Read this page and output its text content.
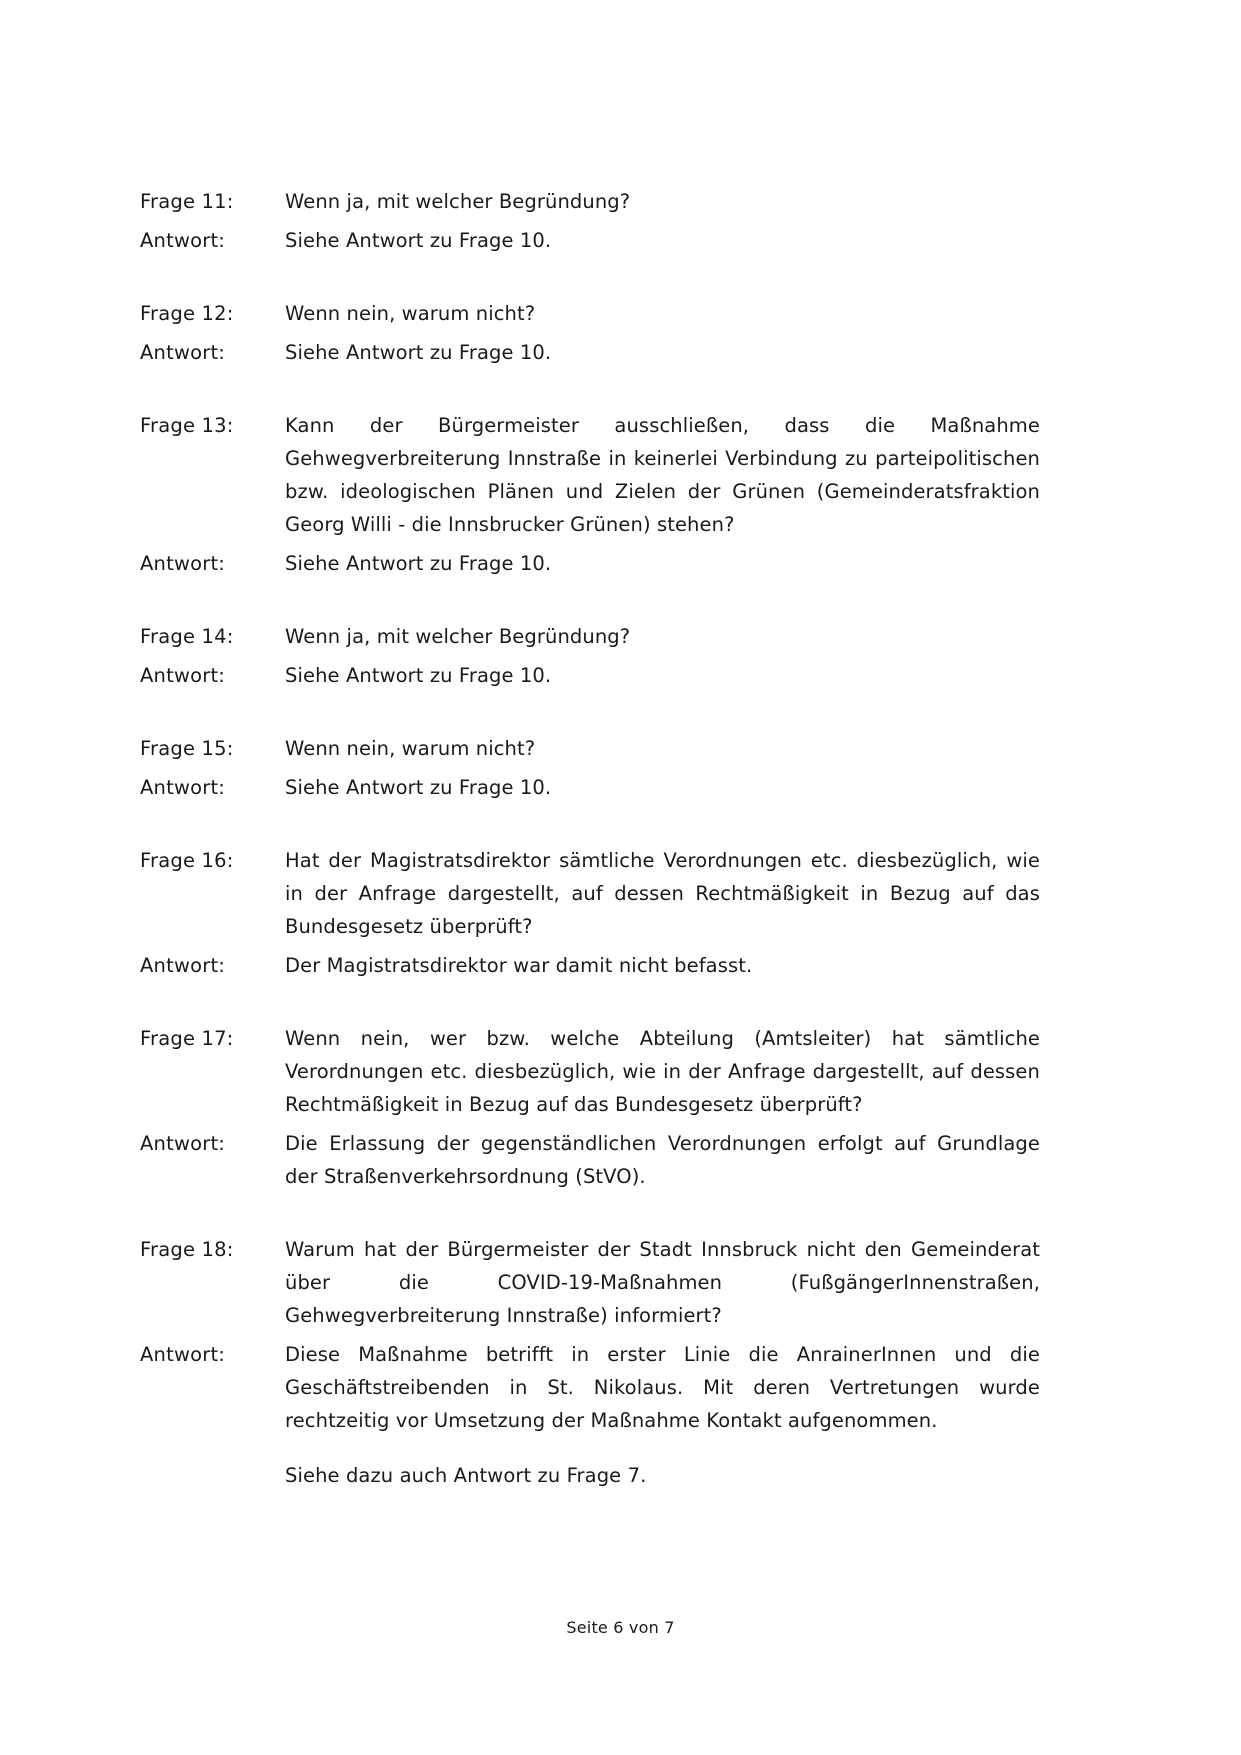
Frage 11:	Wenn ja, mit welcher Begründung?
Antwort:	Siehe Antwort zu Frage 10.
Frage 12:	Wenn nein, warum nicht?
Antwort:	Siehe Antwort zu Frage 10.
Frage 13:	Kann der Bürgermeister ausschließen, dass die Maßnahme Gehwegverbreiterung Innstraße in keinerlei Verbindung zu parteipolitischen bzw. ideologischen Plänen und Zielen der Grünen (Gemeinderatsfraktion Georg Willi - die Innsbrucker Grünen) stehen?
Antwort:	Siehe Antwort zu Frage 10.
Frage 14:	Wenn ja, mit welcher Begründung?
Antwort:	Siehe Antwort zu Frage 10.
Frage 15:	Wenn nein, warum nicht?
Antwort:	Siehe Antwort zu Frage 10.
Frage 16:	Hat der Magistratsdirektor sämtliche Verordnungen etc. diesbezüglich, wie in der Anfrage dargestellt, auf dessen Rechtmäßigkeit in Bezug auf das Bundesgesetz überprüft?
Antwort:	Der Magistratsdirektor war damit nicht befasst.
Frage 17:	Wenn nein, wer bzw. welche Abteilung (Amtsleiter) hat sämtliche Verordnungen etc. diesbezüglich, wie in der Anfrage dargestellt, auf dessen Rechtmäßigkeit in Bezug auf das Bundesgesetz überprüft?
Antwort:	Die Erlassung der gegenständlichen Verordnungen erfolgt auf Grundlage der Straßenverkehrsordnung (StVO).
Frage 18:	Warum hat der Bürgermeister der Stadt Innsbruck nicht den Gemeinderat über die COVID-19-Maßnahmen (FußgängerInnenstraßen, Gehwegverbreiterung Innstraße) informiert?
Antwort:	Diese Maßnahme betrifft in erster Linie die AnrainerInnen und die Geschäftstreibenden in St. Nikolaus. Mit deren Vertretungen wurde rechtzeitig vor Umsetzung der Maßnahme Kontakt aufgenommen.
Siehe dazu auch Antwort zu Frage 7.
Seite 6 von 7
